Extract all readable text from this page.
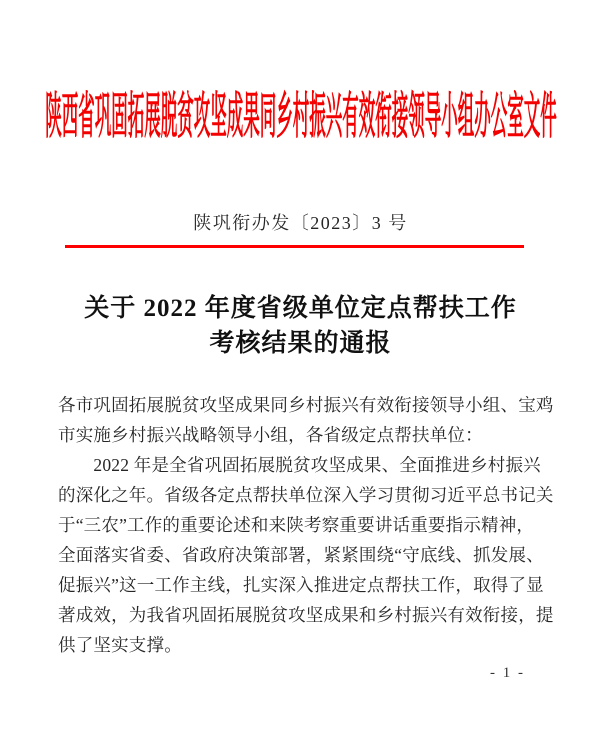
陕西省巩固拓展脱贫攻坚成果同乡村振兴有效衔接领导小组办公室文件
陕巩衔办发〔2023〕3 号
关于 2022 年度省级单位定点帮扶工作
考核结果的通报
各市巩固拓展脱贫攻坚成果同乡村振兴有效衔接领导小组、宝鸡
市实施乡村振兴战略领导小组，各省级定点帮扶单位：
　　2022 年是全省巩固拓展脱贫攻坚成果、全面推进乡村振兴
的深化之年。省级各定点帮扶单位深入学习贯彻习近平总书记关
于“三农”工作的重要论述和来陕考察重要讲话重要指示精神，
全面落实省委、省政府决策部署，紧紧围绕“守底线、抓发展、
促振兴”这一工作主线，扎实深入推进定点帮扶工作，取得了显
著成效，为我省巩固拓展脱贫攻坚成果和乡村振兴有效衔接，提
供了坚实支撑。
- 1 -
